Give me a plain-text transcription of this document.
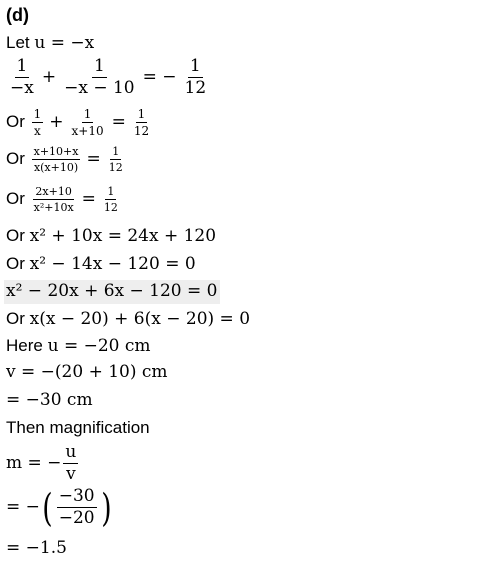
(d)
Let u = −x
$\frac{1}{-x} + \frac{1}{-x - 10}$ = − $\frac{1}{12}$
Or $\frac{1}{x} + \frac{1}{x+10} = \frac{1}{12}$
Or $\frac{x+10+x}{x(x+10)} = \frac{1}{12}$
Or $\frac{2x+10}{\text{x²+10x}} = \frac{1}{12}$
Or x² + 10x = 24x + 120
Or x² − 14x − 120 = 0
x² − 20x + 6x − 120 = 0
Or x(x − 20) + 6(x − 20) = 0
Here u = −20 cm
v = −(20 + 10) cm
= −30 cm
Then magnification
m = − $\frac{u}{v}$
= −( $\frac{-30}{-20}$ )
= −1.5
